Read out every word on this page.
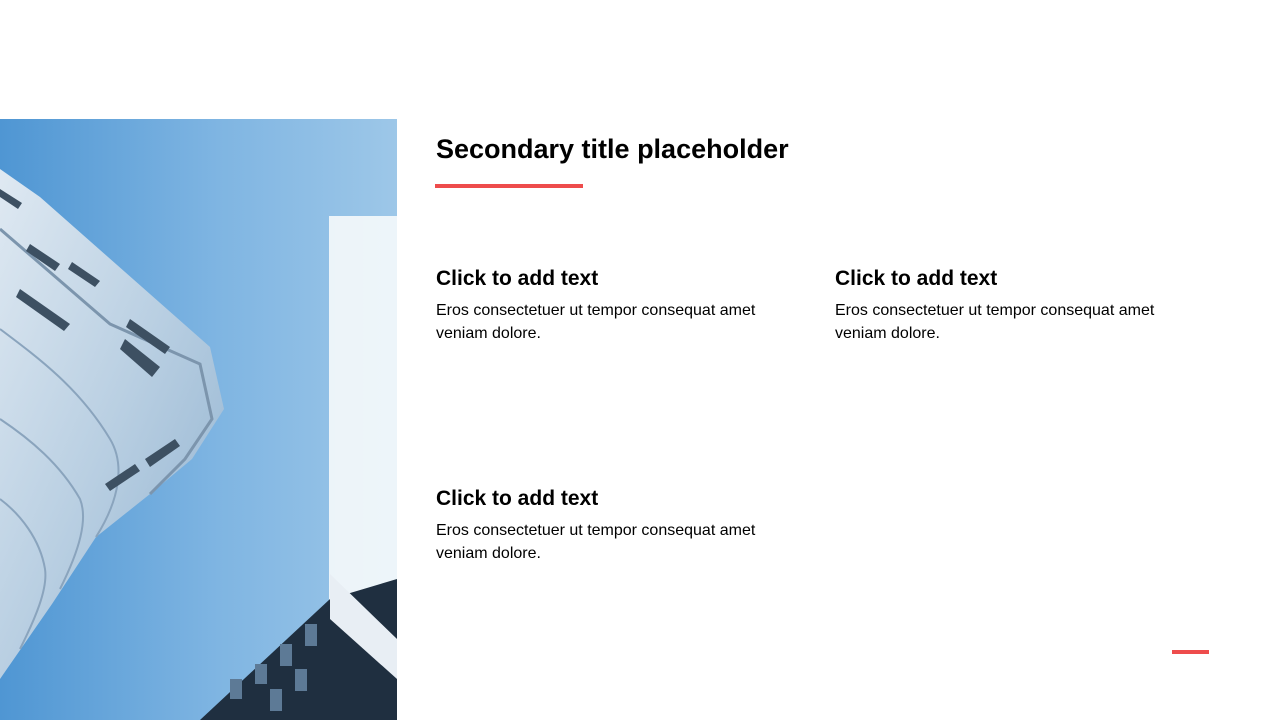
Secondary title placeholder
Click to add text

Eros consectetuer ut tempor consequat amet veniam dolore.

Click to add text

Eros consectetuer ut tempor consequat amet veniam dolore.

Click to add text

Eros consectetuer ut tempor consequat amet veniam dolore.
